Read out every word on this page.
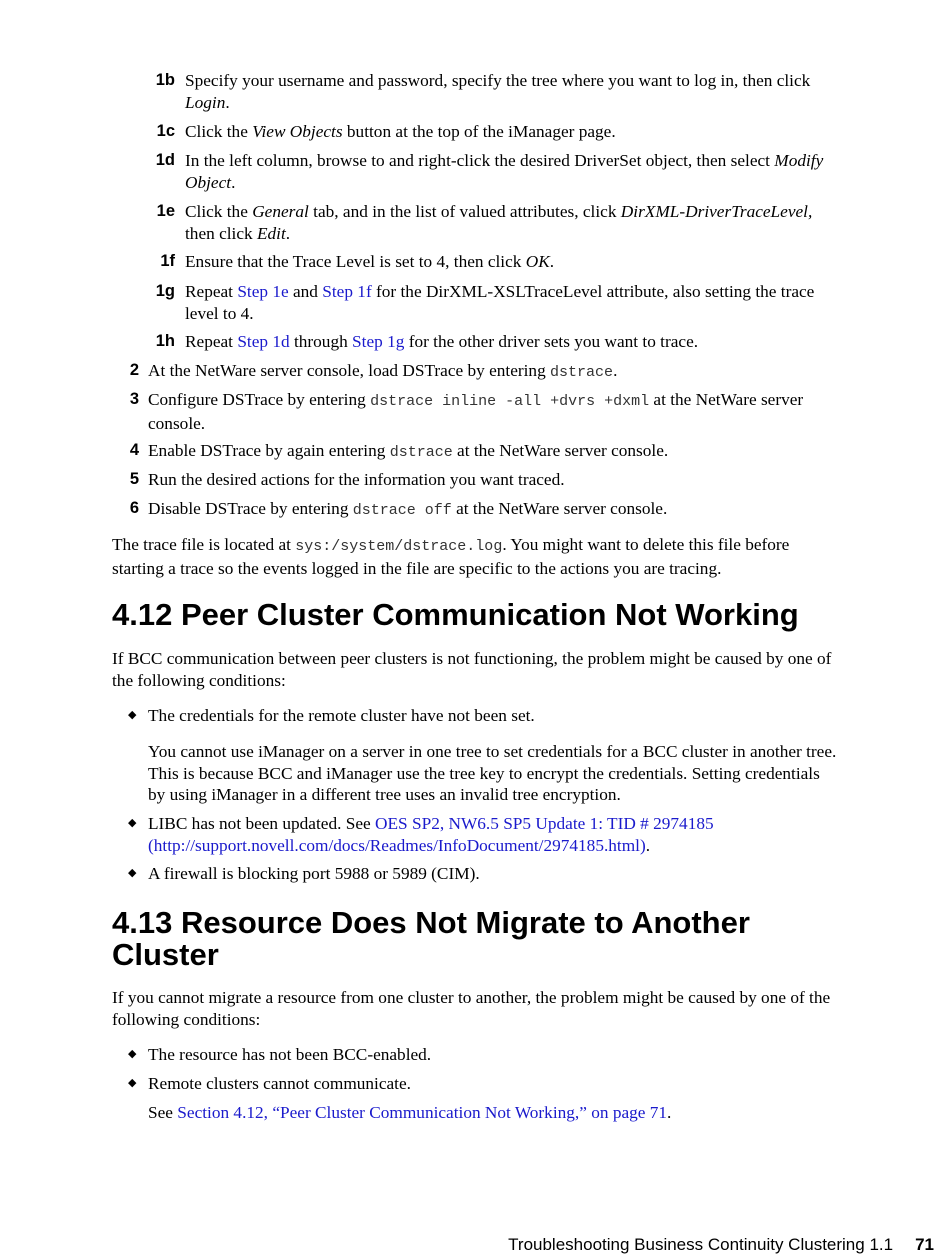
1b Specify your username and password, specify the tree where you want to log in, then click Login.
1c Click the View Objects button at the top of the iManager page.
1d In the left column, browse to and right-click the desired DriverSet object, then select Modify Object.
1e Click the General tab, and in the list of valued attributes, click DirXML-DriverTraceLevel, then click Edit.
1f Ensure that the Trace Level is set to 4, then click OK.
1g Repeat Step 1e and Step 1f for the DirXML-XSLTraceLevel attribute, also setting the trace level to 4.
1h Repeat Step 1d through Step 1g for the other driver sets you want to trace.
2 At the NetWare server console, load DSTrace by entering dstrace.
3 Configure DSTrace by entering dstrace inline -all +dvrs +dxml at the NetWare server console.
4 Enable DSTrace by again entering dstrace at the NetWare server console.
5 Run the desired actions for the information you want traced.
6 Disable DSTrace by entering dstrace off at the NetWare server console.

The trace file is located at sys:/system/dstrace.log. You might want to delete this file before starting a trace so the events logged in the file are specific to the actions you are tracing.

4.12 Peer Cluster Communication Not Working

If BCC communication between peer clusters is not functioning, the problem might be caused by one of the following conditions:

◆ The credentials for the remote cluster have not been set.

You cannot use iManager on a server in one tree to set credentials for a BCC cluster in another tree. This is because BCC and iManager use the tree key to encrypt the credentials. Setting credentials by using iManager in a different tree uses an invalid tree encryption.

◆ LIBC has not been updated. See OES SP2, NW6.5 SP5 Update 1: TID # 2974185 (http://support.novell.com/docs/Readmes/InfoDocument/2974185.html).
◆ A firewall is blocking port 5988 or 5989 (CIM).
4.13 Resource Does Not Migrate to Another Cluster

If you cannot migrate a resource from one cluster to another, the problem might be caused by one of the following conditions:

◆ The resource has not been BCC-enabled.
◆ Remote clusters cannot communicate.

See Section 4.12, “Peer Cluster Communication Not Working,” on page 71.

Troubleshooting Business Continuity Clustering 1.1 71
